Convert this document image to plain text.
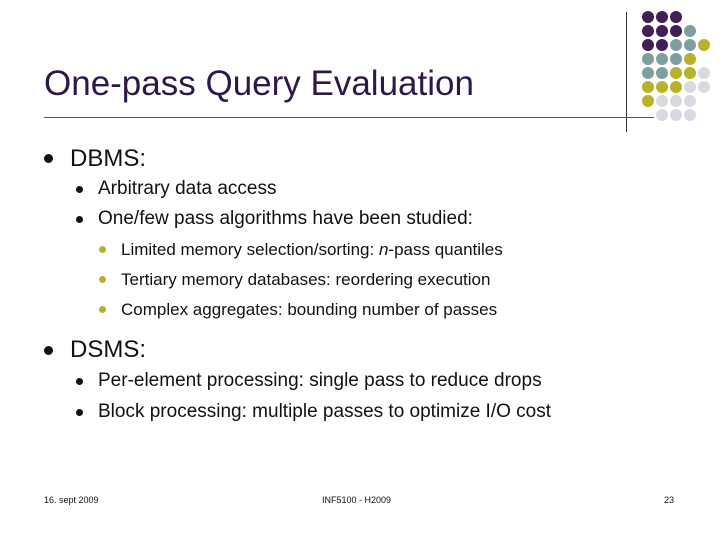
One-pass Query Evaluation
DBMS:
Arbitrary data access
One/few pass algorithms have been studied:
Limited memory selection/sorting: n-pass quantiles
Tertiary memory databases: reordering execution
Complex aggregates: bounding number of passes
DSMS:
Per-element processing: single pass to reduce drops
Block processing: multiple passes to optimize I/O cost
16. sept 2009	INF5100 - H2009	23
